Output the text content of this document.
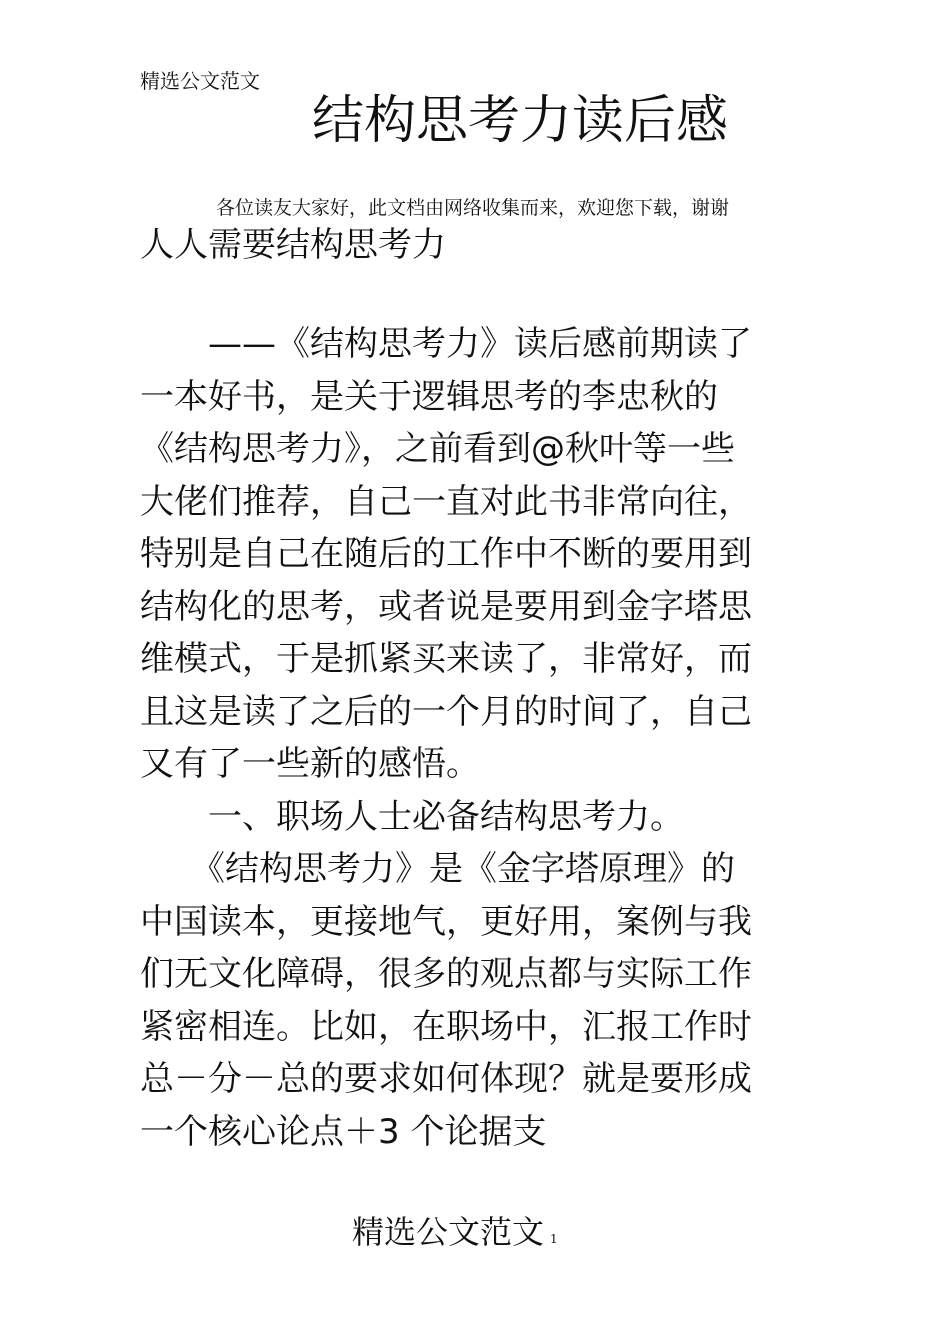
精选公文范文
结构思考力读后感
各位读友大家好，此文档由网络收集而来，欢迎您下载，谢谢
人人需要结构思考力
　　——《结构思考力》读后感前期读了
一本好书，是关于逻辑思考的李忠秋的
《结构思考力》，之前看到@秋叶等一些
大佬们推荐，自己一直对此书非常向往，
特别是自己在随后的工作中不断的要用到
结构化的思考，或者说是要用到金字塔思
维模式，于是抓紧买来读了，非常好，而
且这是读了之后的一个月的时间了，自己
又有了一些新的感悟。
　　一、职场人士必备结构思考力。
　　《结构思考力》是《金字塔原理》的
中国读本，更接地气，更好用，案例与我
们无文化障碍，很多的观点都与实际工作
紧密相连。比如，在职场中，汇报工作时
总－分－总的要求如何体现？就是要形成
一个核心论点＋3 个论据支
精选公文范文 1
